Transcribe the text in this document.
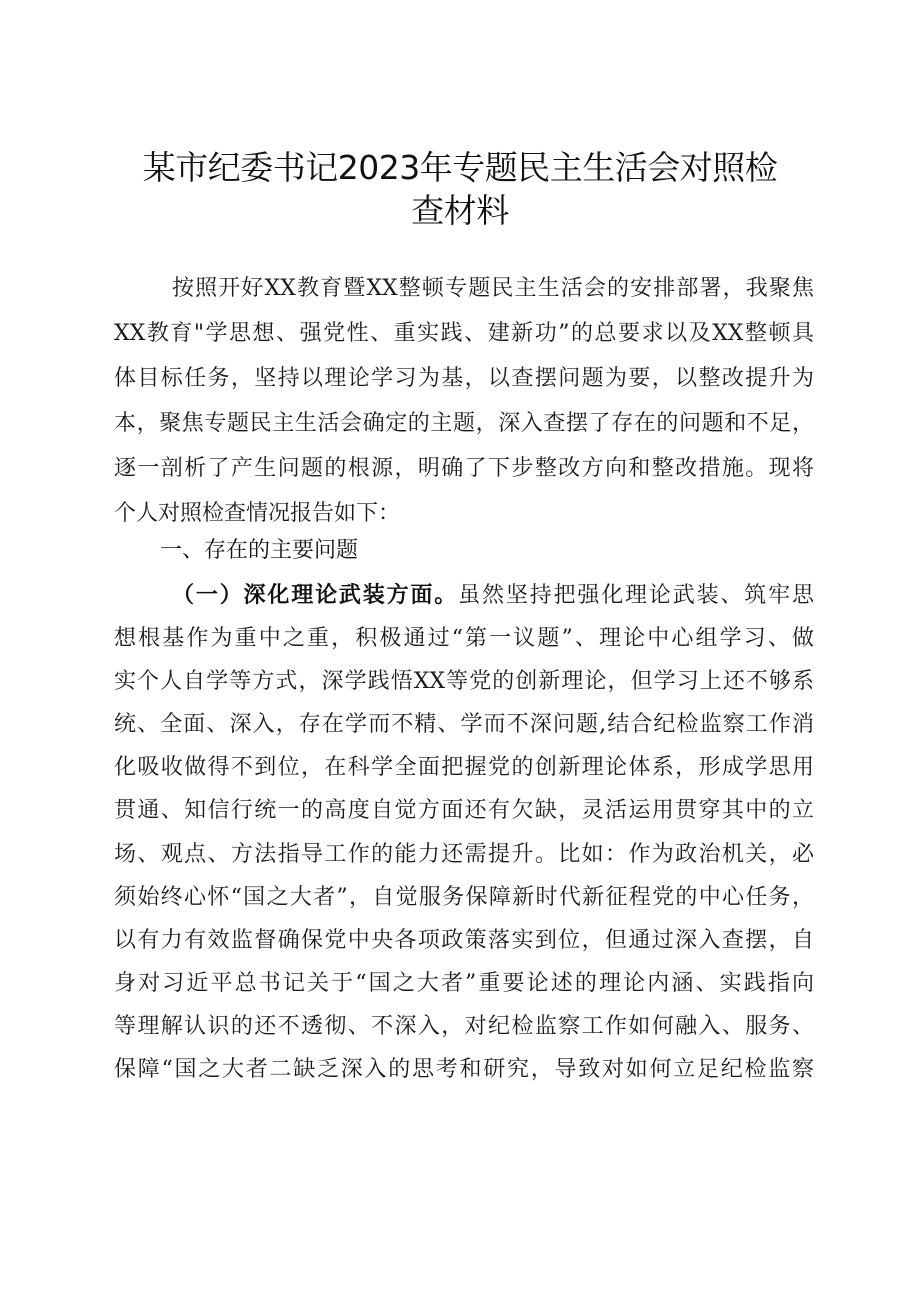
某市纪委书记2023年专题民主生活会对照检
查材料
按照开好XX教育暨XX整顿专题民主生活会的安排部署，我聚焦
XX教育"学思想、强党性、重实践、建新功”的总要求以及XX整顿具
体目标任务，坚持以理论学习为基，以查摆问题为要，以整改提升为
本，聚焦专题民主生活会确定的主题，深入查摆了存在的问题和不足，
逐一剖析了产生问题的根源，明确了下步整改方向和整改措施。现将
个人对照检查情况报告如下：
一、存在的主要问题
（一）深化理论武装方面。虽然坚持把强化理论武装、筑牢思
想根基作为重中之重，积极通过“第一议题”、理论中心组学习、做
实个人自学等方式，深学践悟XX等党的创新理论，但学习上还不够系
统、全面、深入，存在学而不精、学而不深问题,结合纪检监察工作消
化吸收做得不到位，在科学全面把握党的创新理论体系，形成学思用
贯通、知信行统一的高度自觉方面还有欠缺，灵活运用贯穿其中的立
场、观点、方法指导工作的能力还需提升。比如：作为政治机关，必
须始终心怀“国之大者”，自觉服务保障新时代新征程党的中心任务，
以有力有效监督确保党中央各项政策落实到位，但通过深入查摆，自
身对习近平总书记关于“国之大者”重要论述的理论内涵、实践指向
等理解认识的还不透彻、不深入，对纪检监察工作如何融入、服务、
保障“国之大者二缺乏深入的思考和研究，导致对如何立足纪检监察
